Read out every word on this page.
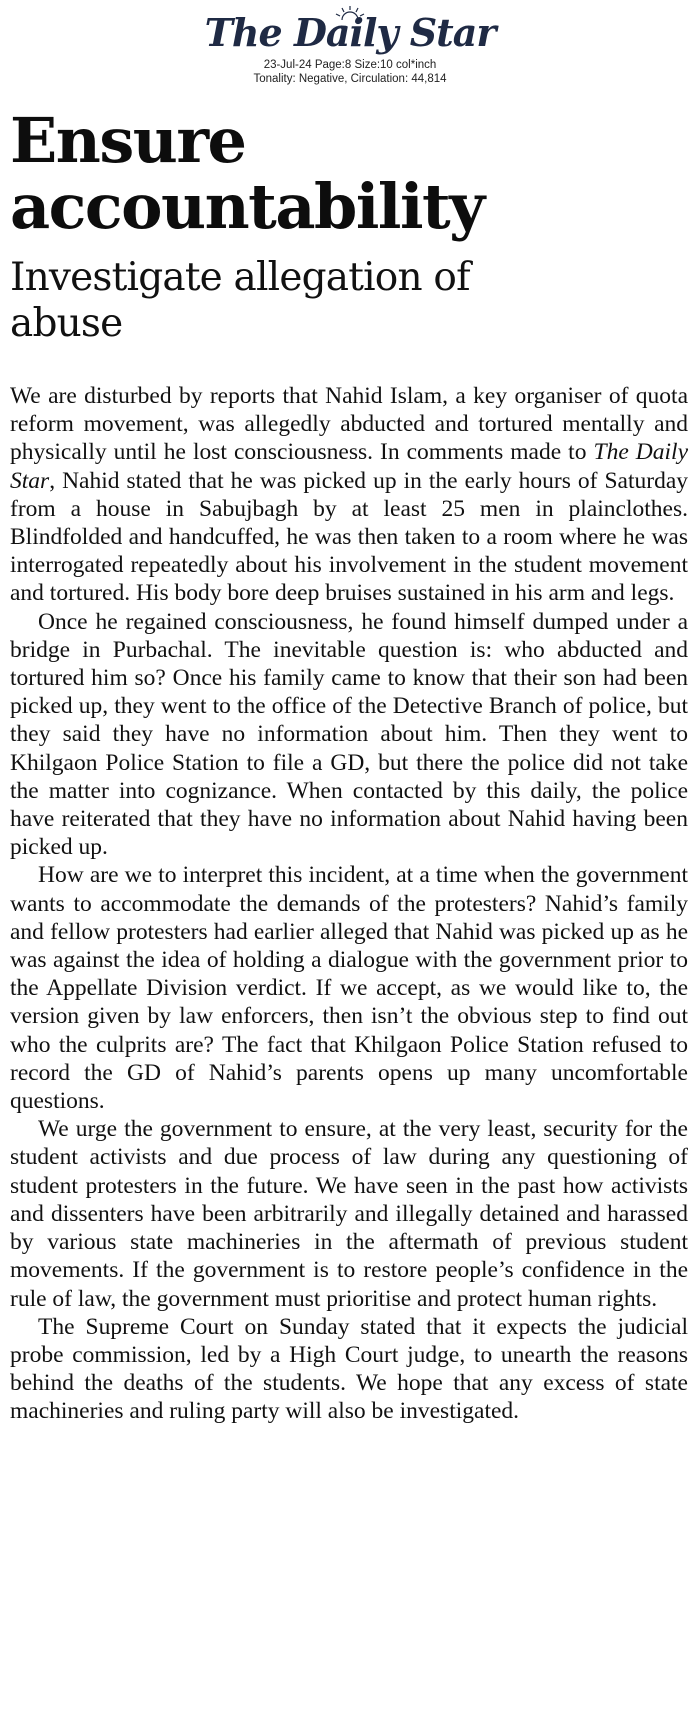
The Daily Star
23-Jul-24 Page:8 Size:10 col*inch
Tonality: Negative, Circulation: 44,814
Ensure accountability
Investigate allegation of abuse

We are disturbed by reports that Nahid Islam, a key organiser of quota reform movement, was allegedly abducted and tortured mentally and physically until he lost consciousness. In comments made to The Daily Star, Nahid stated that he was picked up in the early hours of Saturday from a house in Sabujbagh by at least 25 men in plainclothes. Blindfolded and handcuffed, he was then taken to a room where he was interrogated repeatedly about his involvement in the student movement and tortured. His body bore deep bruises sustained in his arm and legs.

Once he regained consciousness, he found himself dumped under a bridge in Purbachal. The inevitable question is: who abducted and tortured him so? Once his family came to know that their son had been picked up, they went to the office of the Detective Branch of police, but they said they have no information about him. Then they went to Khilgaon Police Station to file a GD, but there the police did not take the matter into cognizance. When contacted by this daily, the police have reiterated that they have no information about Nahid having been picked up.

How are we to interpret this incident, at a time when the government wants to accommodate the demands of the protesters? Nahid’s family and fellow protesters had earlier alleged that Nahid was picked up as he was against the idea of holding a dialogue with the government prior to the Appellate Division verdict. If we accept, as we would like to, the version given by law enforcers, then isn’t the obvious step to find out who the culprits are? The fact that Khilgaon Police Station refused to record the GD of Nahid’s parents opens up many uncomfortable questions.

We urge the government to ensure, at the very least, security for the student activists and due process of law during any questioning of student protesters in the future. We have seen in the past how activists and dissenters have been arbitrarily and illegally detained and harassed by various state machineries in the aftermath of previous student movements. If the government is to restore people’s confidence in the rule of law, the government must prioritise and protect human rights.

The Supreme Court on Sunday stated that it expects the judicial probe commission, led by a High Court judge, to unearth the reasons behind the deaths of the students. We hope that any excess of state machineries and ruling party will also be investigated.
